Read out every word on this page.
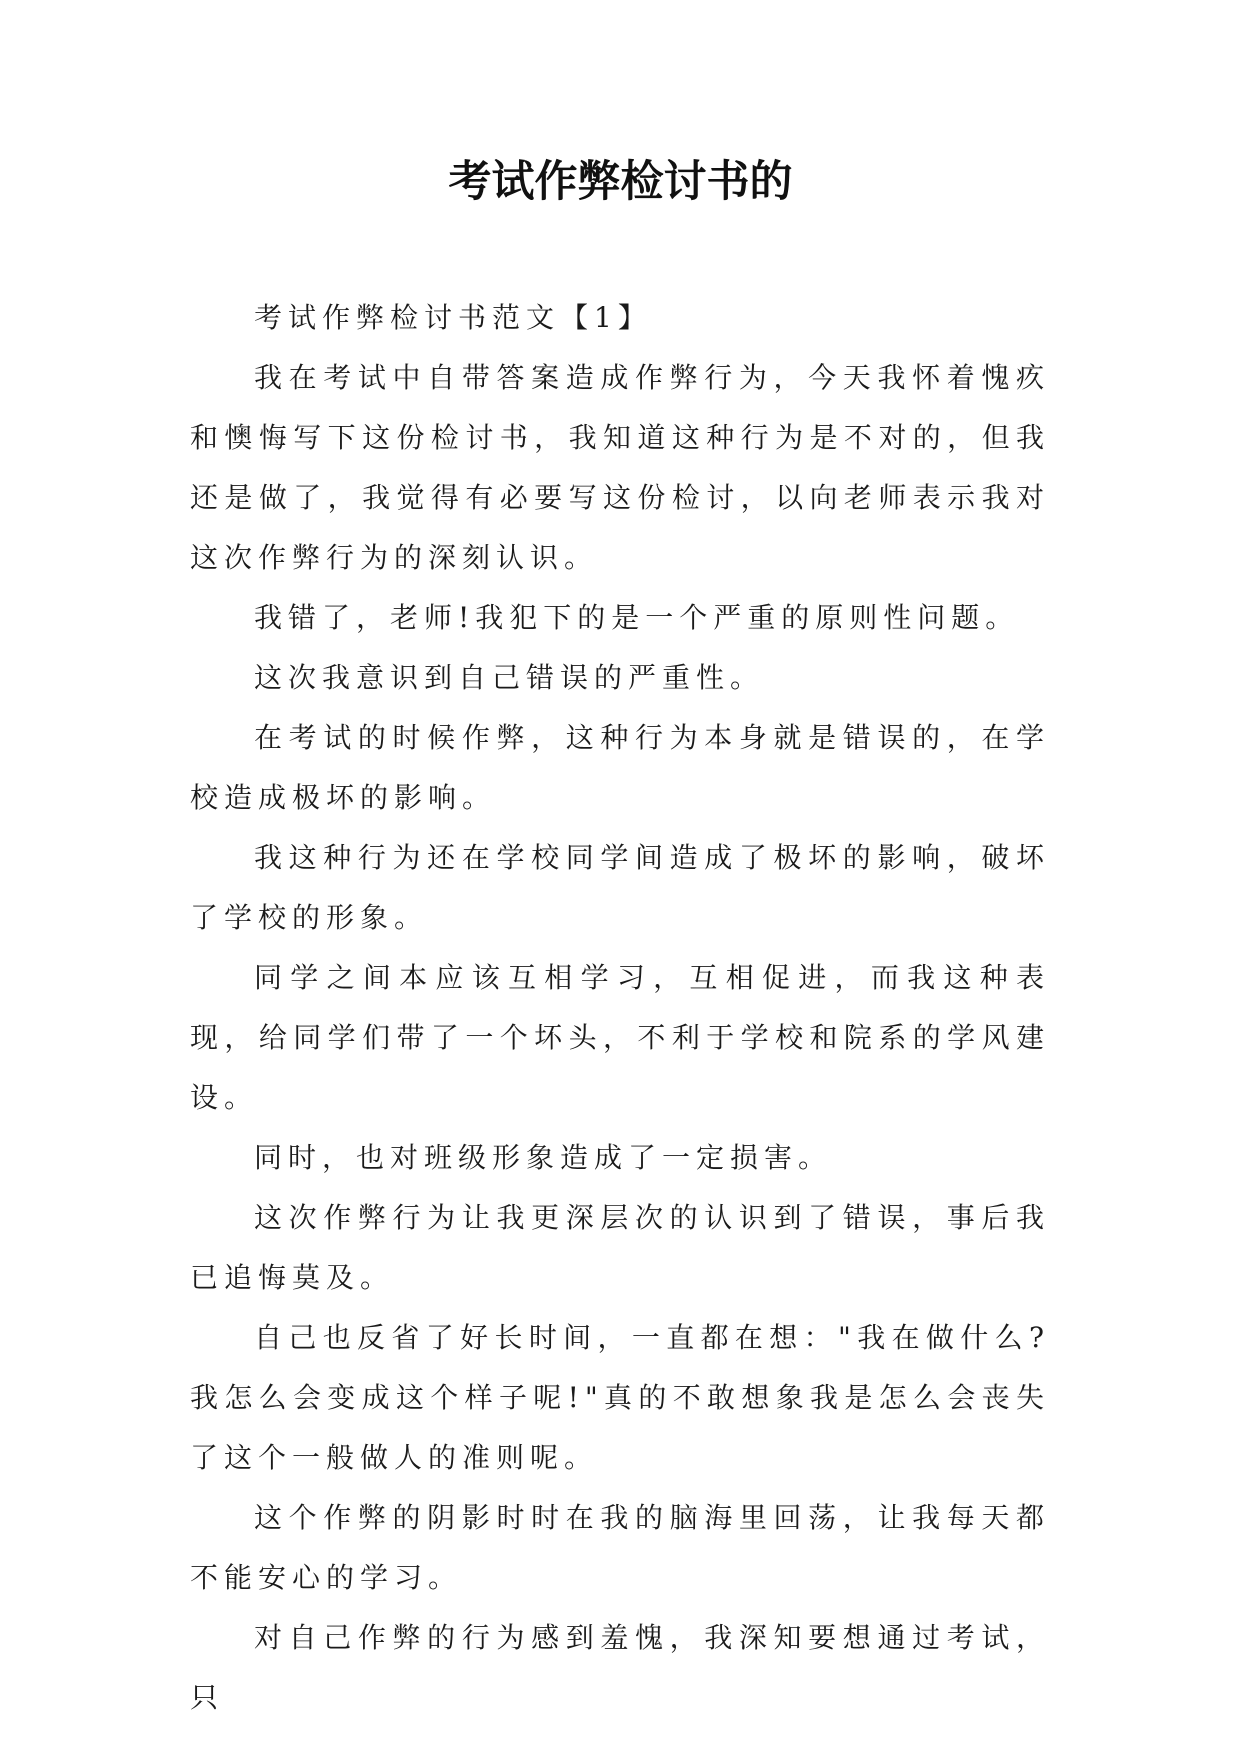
考试作弊检讨书的

考试作弊检讨书范文【1】

我在考试中自带答案造成作弊行为，今天我怀着愧疚和懊悔写下这份检讨书，我知道这种行为是不对的，但我还是做了，我觉得有必要写这份检讨，以向老师表示我对这次作弊行为的深刻认识。

我错了，老师!我犯下的是一个严重的原则性问题。

这次我意识到自己错误的严重性。

在考试的时候作弊，这种行为本身就是错误的，在学校造成极坏的影响。

我这种行为还在学校同学间造成了极坏的影响，破坏了学校的形象。

同学之间本应该互相学习，互相促进，而我这种表现，给同学们带了一个坏头，不利于学校和院系的学风建设。

同时，也对班级形象造成了一定损害。

这次作弊行为让我更深层次的认识到了错误，事后我已追悔莫及。

自己也反省了好长时间，一直都在想："我在做什么?我怎么会变成这个样子呢!"真的不敢想象我是怎么会丧失了这个一般做人的准则呢。

这个作弊的阴影时时在我的脑海里回荡，让我每天都不能安心的学习。

对自己作弊的行为感到羞愧，我深知要想通过考试，只
